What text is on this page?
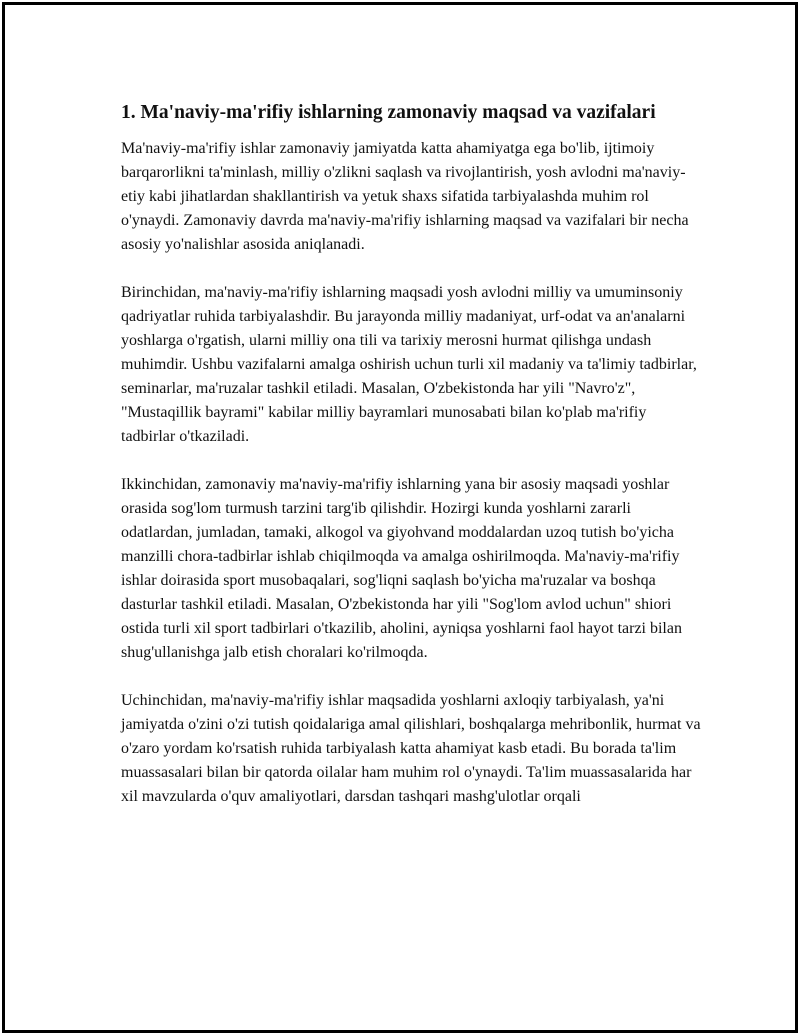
1. Ma'naviy-ma'rifiy ishlarning zamonaviy maqsad va vazifalari

Ma'naviy-ma'rifiy ishlar zamonaviy jamiyatda katta ahamiyatga ega bo'lib, ijtimoiy barqarorlikni ta'minlash, milliy o'zlikni saqlash va rivojlantirish, yosh avlodni ma'naviy-etiy kabi jihatlardan shakllantirish va yetuk shaxs sifatida tarbiyalashda muhim rol o'ynaydi. Zamonaviy davrda ma'naviy-ma'rifiy ishlarning maqsad va vazifalari bir necha asosiy yo'nalishlar asosida aniqlanadi.

Birinchidan, ma'naviy-ma'rifiy ishlarning maqsadi yosh avlodni milliy va umuminsoniy qadriyatlar ruhida tarbiyalashdir. Bu jarayonda milliy madaniyat, urf-odat va an'analarni yoshlarga o'rgatish, ularni milliy ona tili va tarixiy merosni hurmat qilishga undash muhimdir. Ushbu vazifalarni amalga oshirish uchun turli xil madaniy va ta'limiy tadbirlar, seminarlar, ma'ruzalar tashkil etiladi. Masalan, O'zbekistonda har yili "Navro'z", "Mustaqillik bayrami" kabilar milliy bayramlari munosabati bilan ko'plab ma'rifiy tadbirlar o'tkaziladi.

Ikkinchidan, zamonaviy ma'naviy-ma'rifiy ishlarning yana bir asosiy maqsadi yoshlar orasida sog'lom turmush tarzini targ'ib qilishdir. Hozirgi kunda yoshlarni zararli odatlardan, jumladan, tamaki, alkogol va giyohvand moddalardan uzoq tutish bo'yicha manzilli chora-tadbirlar ishlab chiqilmoqda va amalga oshirilmoqda. Ma'naviy-ma'rifiy ishlar doirasida sport musobaqalari, sog'liqni saqlash bo'yicha ma'ruzalar va boshqa dasturlar tashkil etiladi. Masalan, O'zbekistonda har yili "Sog'lom avlod uchun" shiori ostida turli xil sport tadbirlari o'tkazilib, aholini, ayniqsa yoshlarni faol hayot tarzi bilan shug'ullanishga jalb etish choralari ko'rilmoqda.

Uchinchidan, ma'naviy-ma'rifiy ishlar maqsadida yoshlarni axloqiy tarbiyalash, ya'ni jamiyatda o'zini o'zi tutish qoidalariga amal qilishlari, boshqalarga mehribonlik, hurmat va o'zaro yordam ko'rsatish ruhida tarbiyalash katta ahamiyat kasb etadi. Bu borada ta'lim muassasalari bilan bir qatorda oilalar ham muhim rol o'ynaydi. Ta'lim muassasalarida har xil mavzularda o'quv amaliyotlari, darsdan tashqari mashg'ulotlar orqali
